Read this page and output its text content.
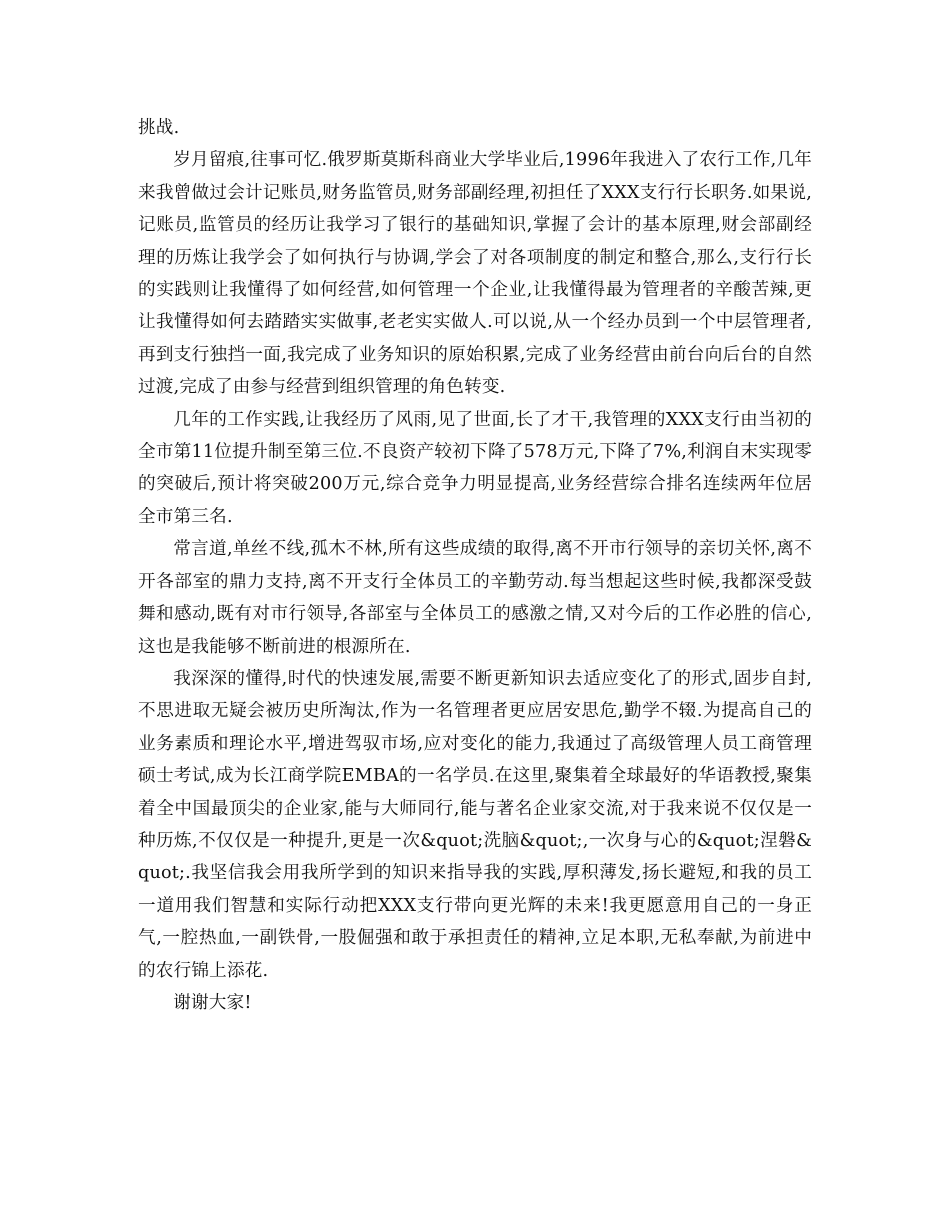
挑战.

岁月留痕,往事可忆.俄罗斯莫斯科商业大学毕业后,1996年我进入了农行工作,几年来我曾做过会计记账员,财务监管员,财务部副经理,初担任了XXX支行行长职务.如果说,记账员,监管员的经历让我学习了银行的基础知识,掌握了会计的基本原理,财会部副经理的历炼让我学会了如何执行与协调,学会了对各项制度的制定和整合,那么,支行行长的实践则让我懂得了如何经营,如何管理一个企业,让我懂得最为管理者的辛酸苦辣,更让我懂得如何去踏踏实实做事,老老实实做人.可以说,从一个经办员到一个中层管理者,再到支行独挡一面,我完成了业务知识的原始积累,完成了业务经营由前台向后台的自然过渡,完成了由参与经营到组织管理的角色转变.

几年的工作实践,让我经历了风雨,见了世面,长了才干,我管理的XXX支行由当初的全市第11位提升制至第三位.不良资产较初下降了578万元,下降了7%,利润自末实现零的突破后,预计将突破200万元,综合竞争力明显提高,业务经营综合排名连续两年位居全市第三名.

常言道,单丝不线,孤木不林,所有这些成绩的取得,离不开市行领导的亲切关怀,离不开各部室的鼎力支持,离不开支行全体员工的辛勤劳动.每当想起这些时候,我都深受鼓舞和感动,既有对市行领导,各部室与全体员工的感激之情,又对今后的工作必胜的信心,这也是我能够不断前进的根源所在.

我深深的懂得,时代的快速发展,需要不断更新知识去适应变化了的形式,固步自封,不思进取无疑会被历史所淘汰,作为一名管理者更应居安思危,勤学不辍.为提高自己的业务素质和理论水平,增进驾驭市场,应对变化的能力,我通过了高级管理人员工商管理硕士考试,成为长江商学院EMBA的一名学员.在这里,聚集着全球最好的华语教授,聚集着全中国最顶尖的企业家,能与大师同行,能与著名企业家交流,对于我来说不仅仅是一种历炼,不仅仅是一种提升,更是一次&quot;洗脑&quot;,一次身与心的&quot;涅磐&quot;.我坚信我会用我所学到的知识来指导我的实践,厚积薄发,扬长避短,和我的员工一道用我们智慧和实际行动把XXX支行带向更光辉的未来!我更愿意用自己的一身正气,一腔热血,一副铁骨,一股倔强和敢于承担责任的精神,立足本职,无私奉献,为前进中的农行锦上添花.

谢谢大家!
